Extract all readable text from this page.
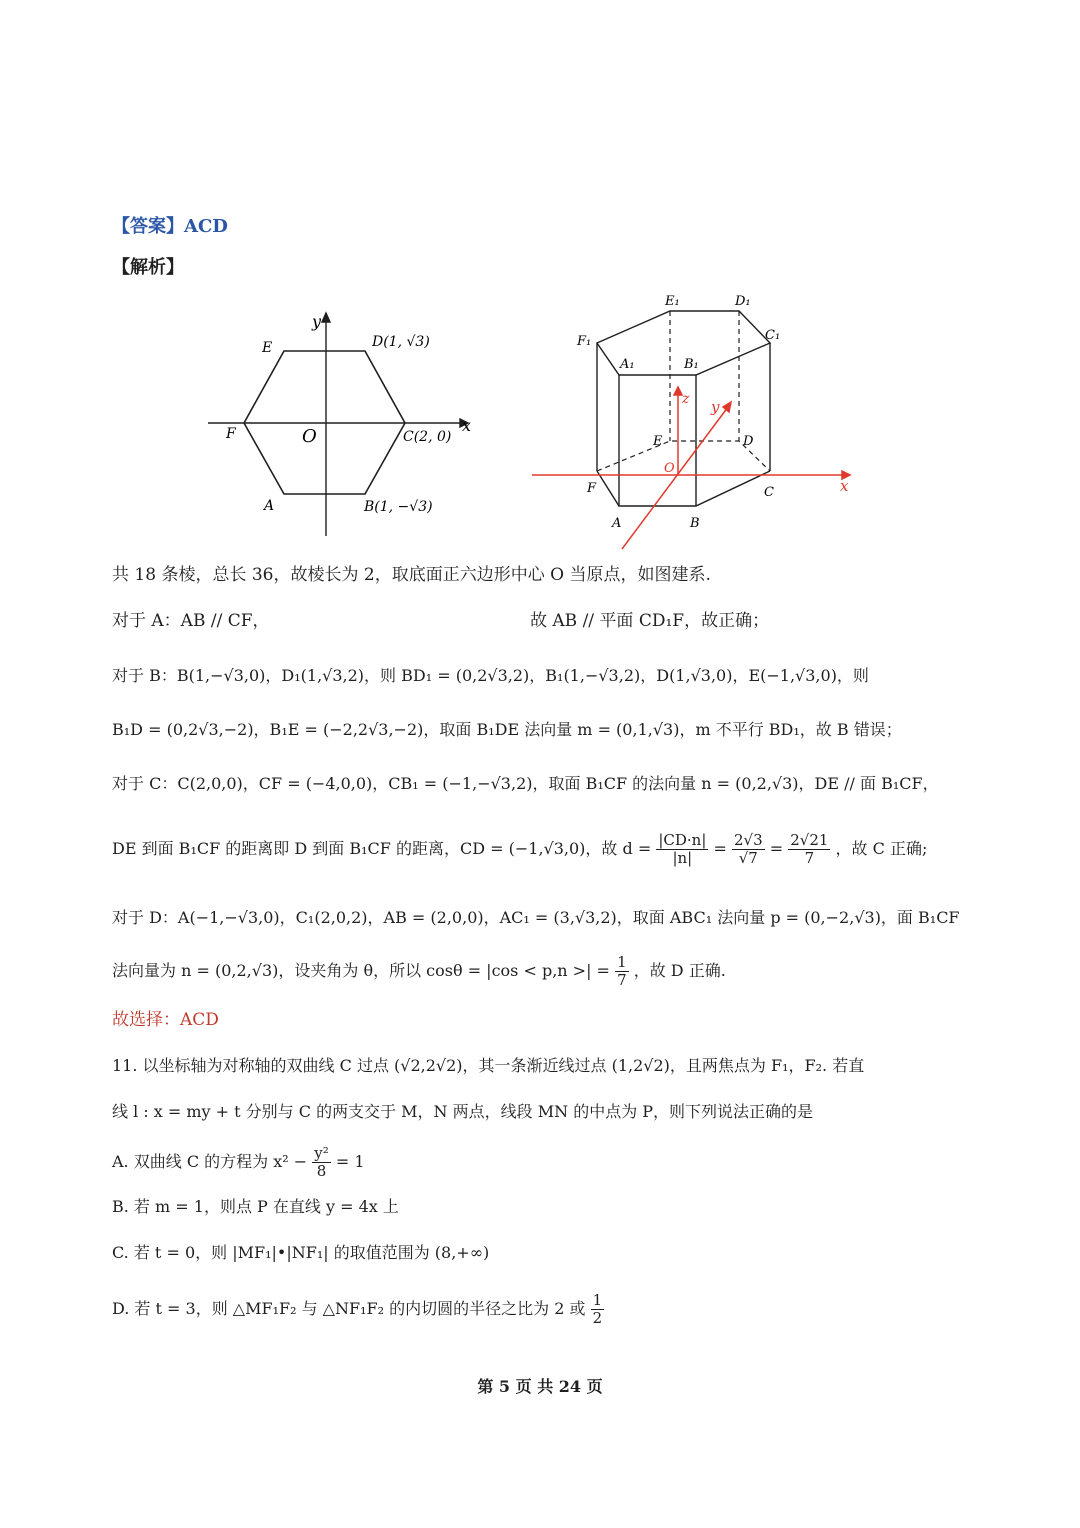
【答案】ACD
【解析】
y
x
O
D(1, √3)
E
F	C(2, 0)
A	B(1, −√3)
E₁	D₁
F₁	C₁
A₁	B₁
z y
E	D
O
F	C	x
A	B
共 18 条棱，总长 36，故棱长为 2，取底面正六边形中心 O 当原点，如图建系.
对于 A：AB // CF，	故 AB // 平面 CD₁F，故正确；
对于 B：B(1,−√3,0)，D₁(1,√3,2)，则 BD₁ = (0,2√3,2)，B₁(1,−√3,2)，D(1,√3,0)，E(−1,√3,0)，则
B₁D = (0,2√3,−2)，B₁E = (−2,2√3,−2)，取面 B₁DE 法向量 m = (0,1,√3)，m 不平行 BD₁，故 B 错误；
对于 C：C(2,0,0)，CF = (−4,0,0)，CB₁ = (−1,−√3,2)，取面 B₁CF 的法向量 n = (0,2,√3)，DE // 面 B₁CF，
DE 到面 B₁CF 的距离即 D 到面 B₁CF 的距离，CD = (−1,√3,0)，故 $d = \frac{|CD\cdot n|}{|n|} = \frac{2√3}{√7} = \frac{2√21}{7}$ ，故 C 正确;
对于 D：A(−1,−√3,0)，C₁(2,0,2)，AB = (2,0,0)，AC₁ = (3,√3,2)，取面 ABC₁ 法向量 p = (0,−2,√3)，面 B₁CF
法向量为 n = (0,2,√3)，设夹角为 θ，所以 cosθ = |cos < p,n >| = $\frac{1}{7}$ ，故 D 正确.
故选择：ACD
11. 以坐标轴为对称轴的双曲线 C 过点 (√2,2√2)，其一条渐近线过点 (1,2√2)，且两焦点为 F₁，F₂. 若直
线 l : x = my + t 分别与 C 的两支交于 M，N 两点，线段 MN 的中点为 P，则下列说法正确的是
A. 双曲线 C 的方程为 $x^2 - \frac{\text{y²}}{8} = 1$
B. 若 m = 1，则点 P 在直线 y = 4x 上
C. 若 t = 0，则 |MF₁|•|NF₁| 的取值范围为 (8,+∞)
D. 若 t = 3，则 △MF₁F₂ 与 △NF₁F₂ 的内切圆的半径之比为 2 或 $\frac{1}{2}$
第 5 页 共 24 页
